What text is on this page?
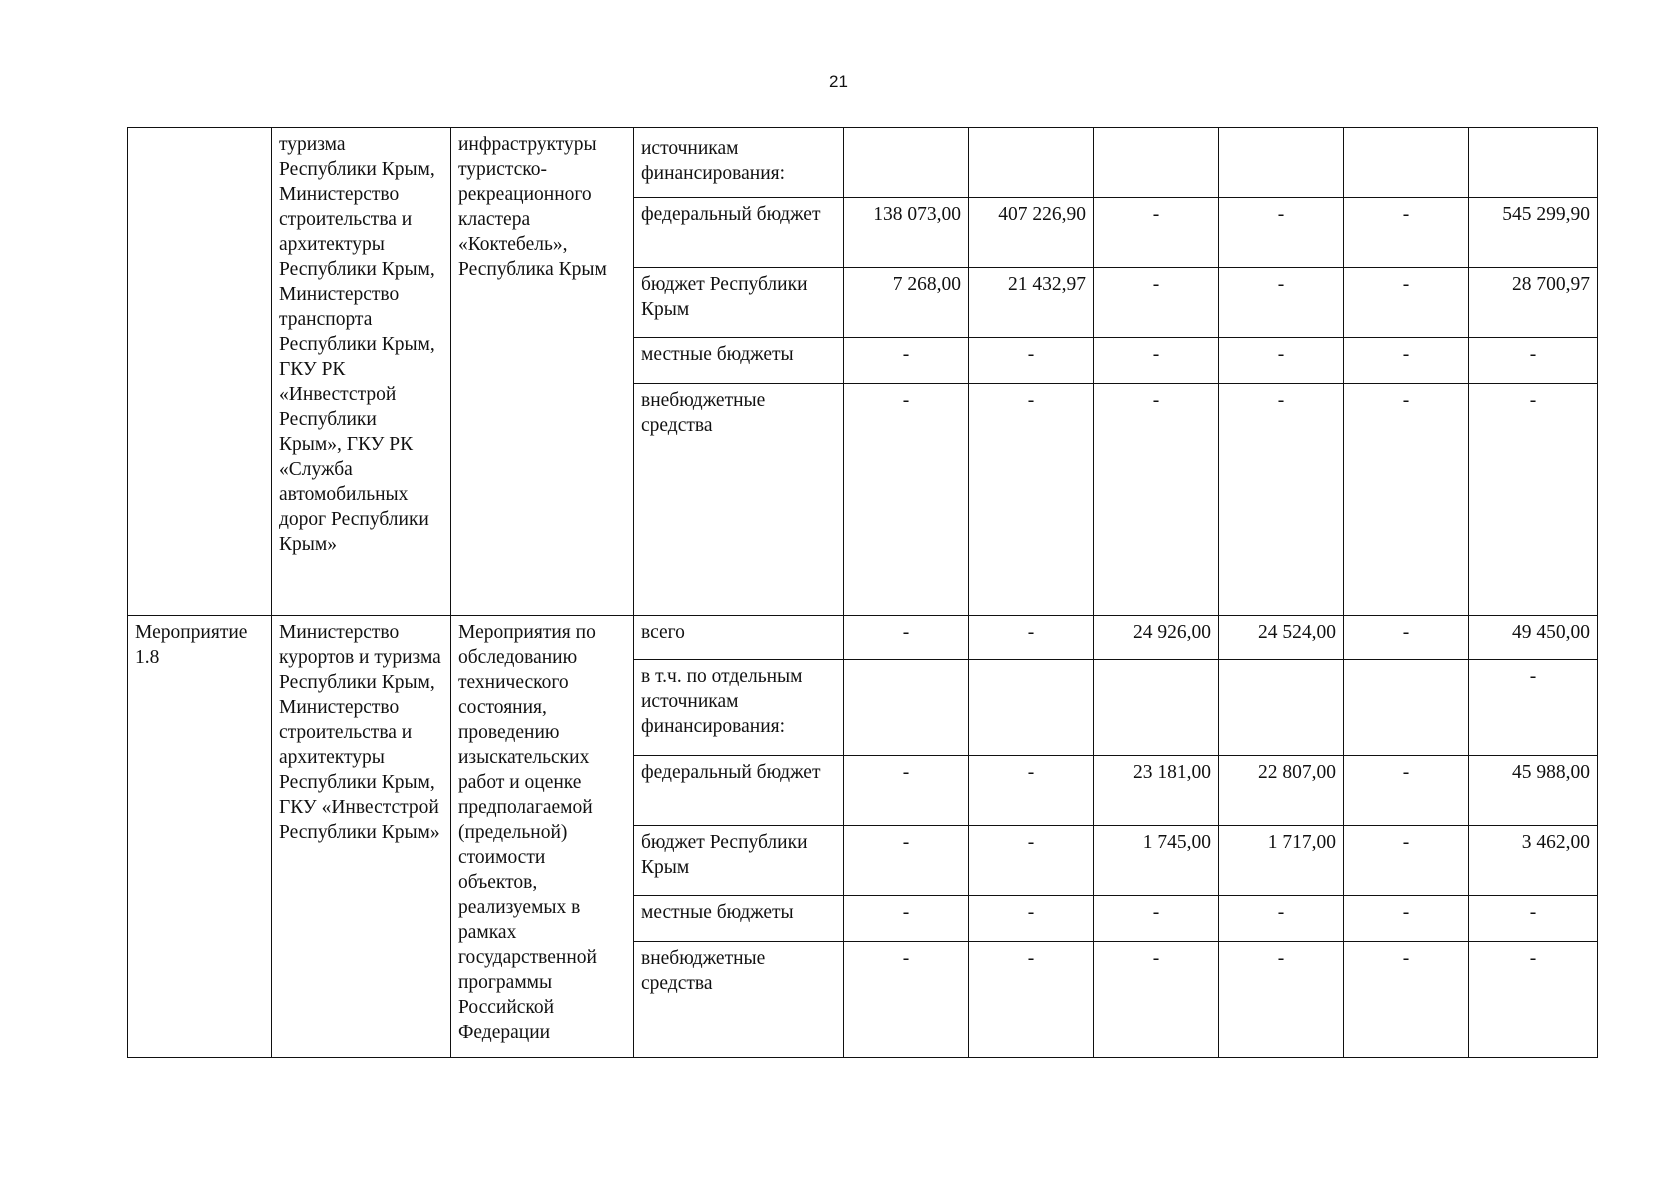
21
	туризма Республики Крым, Министерство строительства и архитектуры Республики Крым, Министерство транспорта Республики Крым, ГКУ РК «Инвестстрой Республики Крым», ГКУ РК «Служба автомобильных дорог Республики Крым»	инфраструктуры туристско-рекреационного кластера «Коктебель», Республика Крым	источникам финансирования:						
			федеральный бюджет	138 073,00	407 226,90	-	-	-	545 299,90
			бюджет Республики Крым	7 268,00	21 432,97	-	-	-	28 700,97
			местные бюджеты	-	-	-	-	-	-
			внебюджетные средства	-	-	-	-	-	-
Мероприятие 1.8	Министерство курортов и туризма Республики Крым, Министерство строительства и архитектуры Республики Крым, ГКУ «Инвестстрой Республики Крым»	Мероприятия по обследованию технического состояния, проведению изыскательских работ и оценке предполагаемой (предельной) стоимости объектов, реализуемых в рамках государственной программы Российской Федерации	всего	-	-	24 926,00	24 524,00	-	49 450,00
			в т.ч. по отдельным источникам финансирования:						-
			федеральный бюджет	-	-	23 181,00	22 807,00	-	45 988,00
			бюджет Республики Крым	-	-	1 745,00	1 717,00	-	3 462,00
			местные бюджеты	-	-	-	-	-	-
			внебюджетные средства	-	-	-	-	-	-
